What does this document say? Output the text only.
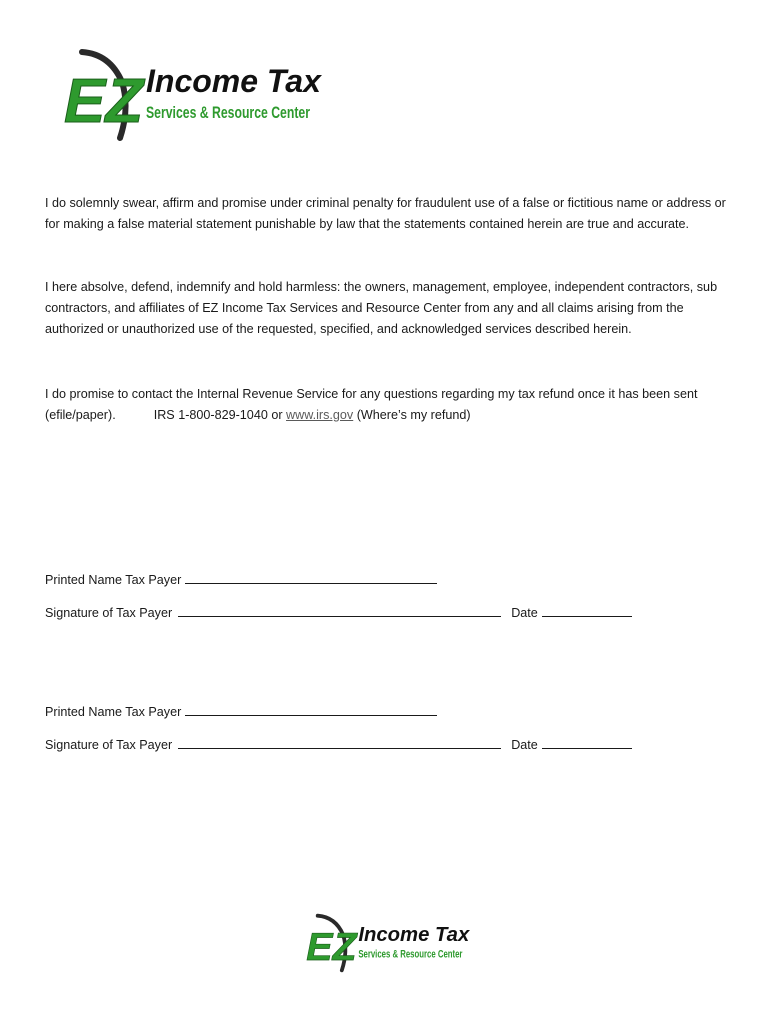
EZ Income Tax
Services & Resource Center

I do solemnly swear, affirm and promise under criminal penalty for fraudulent use of a false or fictitious name or address or for making a false material statement punishable by law that the statements contained herein are true and accurate.

I here absolve, defend, indemnify and hold harmless: the owners, management, employee, independent contractors, sub contractors, and affiliates of EZ Income Tax Services and Resource Center from any and all claims arising from the authorized or unauthorized use of the requested, specified, and acknowledged services described herein.

I do promise to contact the Internal Revenue Service for any questions regarding my tax refund once it has been sent (efile/paper).	IRS 1-800-829-1040 or www.irs.gov (Where’s my refund)

Printed Name Tax Payer
Signature of Tax Payer	Date
Printed Name Tax Payer
Signature of Tax Payer	Date
EZ Income Tax
Services & Resource Center
